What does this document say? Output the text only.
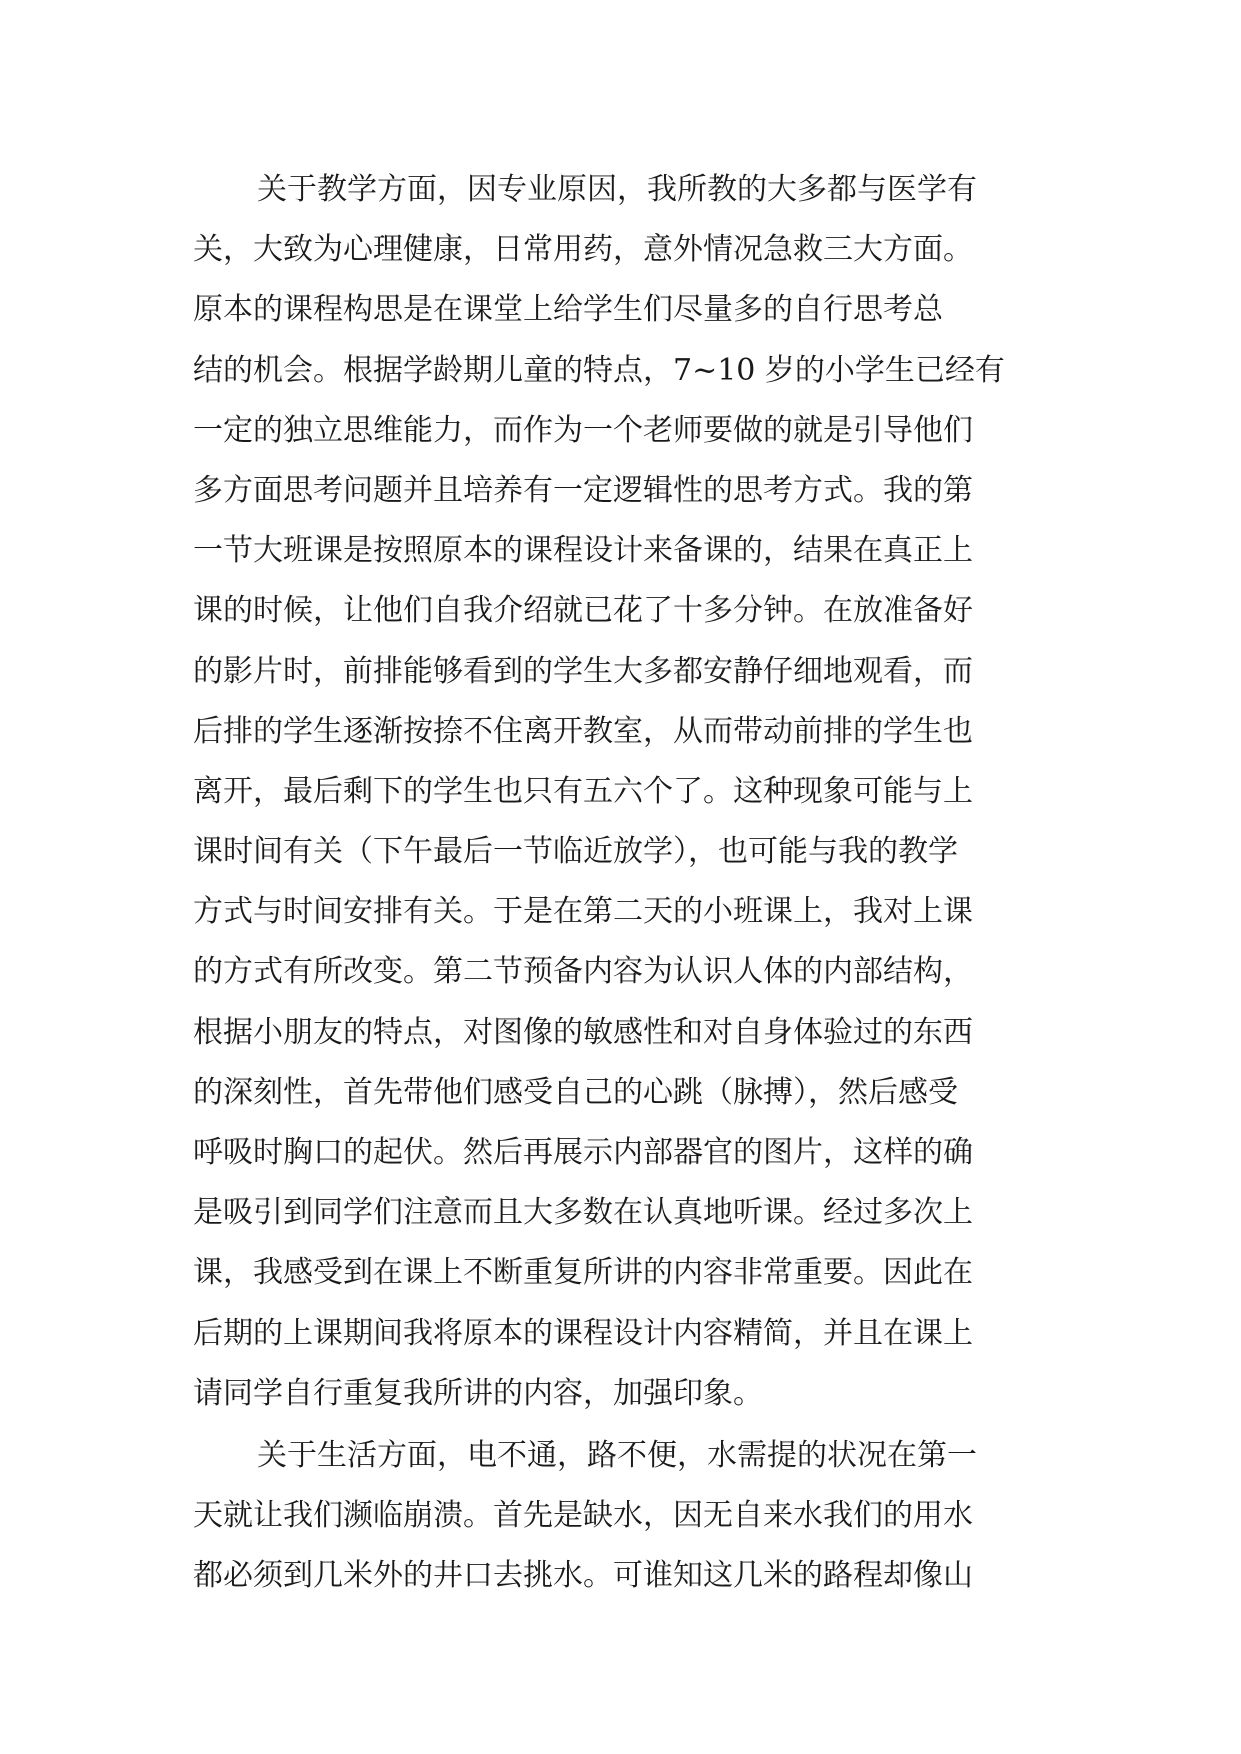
关于教学方面，因专业原因，我所教的大多都与医学有
关，大致为心理健康，日常用药，意外情况急救三大方面。
原本的课程构思是在课堂上给学生们尽量多的自行思考总
结的机会。根据学龄期儿童的特点，7~10 岁的小学生已经有
一定的独立思维能力，而作为一个老师要做的就是引导他们
多方面思考问题并且培养有一定逻辑性的思考方式。我的第
一节大班课是按照原本的课程设计来备课的，结果在真正上
课的时候，让他们自我介绍就已花了十多分钟。在放准备好
的影片时，前排能够看到的学生大多都安静仔细地观看，而
后排的学生逐渐按捺不住离开教室，从而带动前排的学生也
离开，最后剩下的学生也只有五六个了。这种现象可能与上
课时间有关（下午最后一节临近放学），也可能与我的教学
方式与时间安排有关。于是在第二天的小班课上，我对上课
的方式有所改变。第二节预备内容为认识人体的内部结构，
根据小朋友的特点，对图像的敏感性和对自身体验过的东西
的深刻性，首先带他们感受自己的心跳（脉搏），然后感受
呼吸时胸口的起伏。然后再展示内部器官的图片，这样的确
是吸引到同学们注意而且大多数在认真地听课。经过多次上
课，我感受到在课上不断重复所讲的内容非常重要。因此在
后期的上课期间我将原本的课程设计内容精简，并且在课上
请同学自行重复我所讲的内容，加强印象。
关于生活方面，电不通，路不便，水需提的状况在第一
天就让我们濒临崩溃。首先是缺水，因无自来水我们的用水
都必须到几米外的井口去挑水。可谁知这几米的路程却像山
